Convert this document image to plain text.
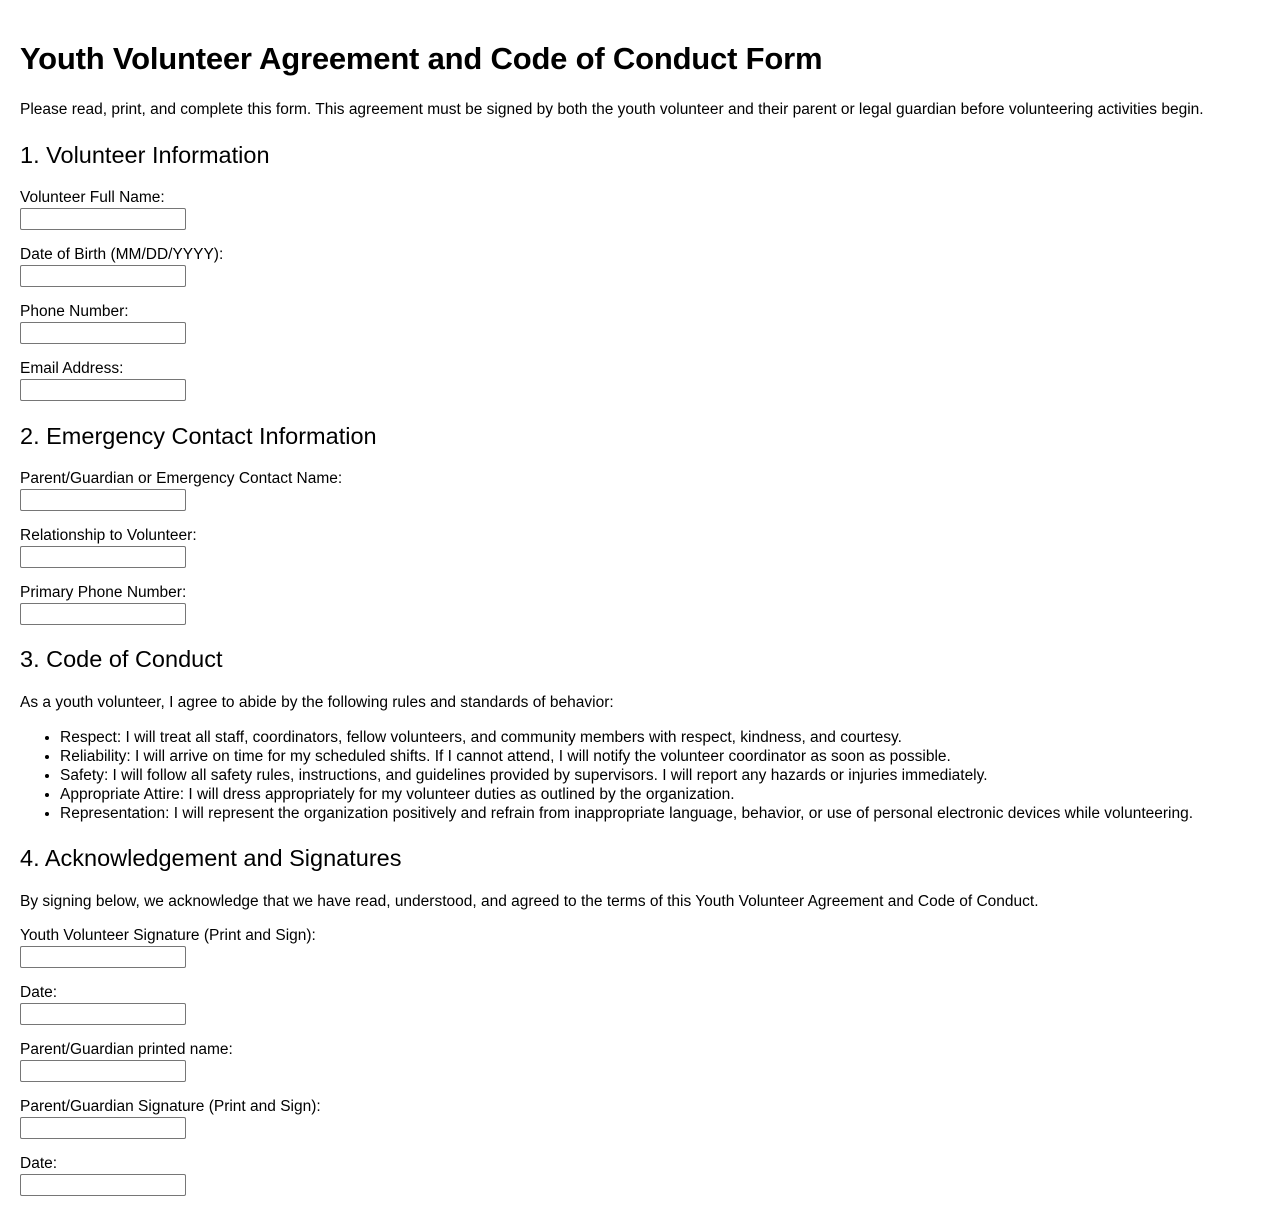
Youth Volunteer Agreement and Code of Conduct Form

Please read, print, and complete this form. This agreement must be signed by both the youth volunteer and their parent or legal guardian before volunteering activities begin.

1. Volunteer Information
Volunteer Full Name:
Date of Birth (MM/DD/YYYY):
Phone Number:
Email Address:
2. Emergency Contact Information
Parent/Guardian or Emergency Contact Name:
Relationship to Volunteer:
Primary Phone Number:
3. Code of Conduct

As a youth volunteer, I agree to abide by the following rules and standards of behavior:

• Respect: I will treat all staff, coordinators, fellow volunteers, and community members with respect, kindness, and courtesy.
• Reliability: I will arrive on time for my scheduled shifts. If I cannot attend, I will notify the volunteer coordinator as soon as possible.
• Safety: I will follow all safety rules, instructions, and guidelines provided by supervisors. I will report any hazards or injuries immediately.
• Appropriate Attire: I will dress appropriately for my volunteer duties as outlined by the organization.
• Representation: I will represent the organization positively and refrain from inappropriate language, behavior, or use of personal electronic devices while volunteering.
4. Acknowledgement and Signatures

By signing below, we acknowledge that we have read, understood, and agreed to the terms of this Youth Volunteer Agreement and Code of Conduct.

Youth Volunteer Signature (Print and Sign):
Date:
Parent/Guardian printed name:
Parent/Guardian Signature (Print and Sign):
Date:
